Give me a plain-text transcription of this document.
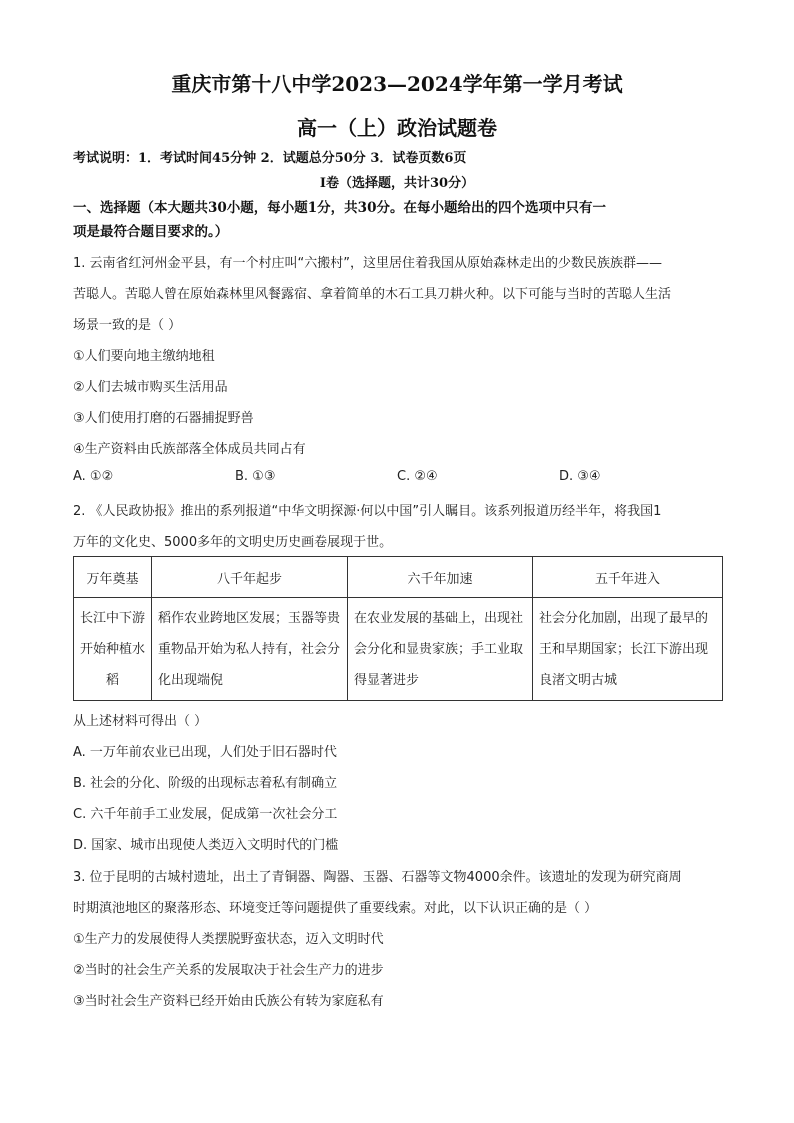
重庆市第十八中学2023—2024学年第一学月考试
高一（上）政治试题卷
考试说明：1．考试时间45分钟 2．试题总分50分 3．试卷页数6页
Ⅰ卷（选择题，共计30分）
一、选择题（本大题共30小题，每小题1分，共30分。在每小题给出的四个选项中只有一
项是最符合题目要求的。）
1. 云南省红河州金平县，有一个村庄叫“六搬村”，这里居住着我国从原始森林走出的少数民族族群——
苦聪人。苦聪人曾在原始森林里风餐露宿、拿着简单的木石工具刀耕火种。以下可能与当时的苦聪人生活
场景一致的是（ ）
①人们要向地主缴纳地租
②人们去城市购买生活用品
③人们使用打磨的石器捕捉野兽
④生产资料由氏族部落全体成员共同占有
A. ①②	B. ①③	C. ②④	D. ③④
2. 《人民政协报》推出的系列报道“中华文明探源·何以中国”引人瞩目。该系列报道历经半年，将我国1
万年的文化史、5000多年的文明史历史画卷展现于世。
万年奠基	八千年起步	六千年加速	五千年进入
长江中下游开始种植水稻	稻作农业跨地区发展；玉器等贵重物品开始为私人持有，社会分化出现端倪	在农业发展的基础上，出现社会分化和显贵家族；手工业取得显著进步	社会分化加剧，出现了最早的王和早期国家；长江下游出现良渚文明古城
从上述材料可得出（ ）
A. 一万年前农业已出现，人们处于旧石器时代
B. 社会的分化、阶级的出现标志着私有制确立
C. 六千年前手工业发展，促成第一次社会分工
D. 国家、城市出现使人类迈入文明时代的门槛
3. 位于昆明的古城村遗址，出土了青铜器、陶器、玉器、石器等文物4000余件。该遗址的发现为研究商周
时期滇池地区的聚落形态、环境变迁等问题提供了重要线索。对此，以下认识正确的是（ ）
①生产力的发展使得人类摆脱野蛮状态，迈入文明时代
②当时的社会生产关系的发展取决于社会生产力的进步
③当时社会生产资料已经开始由氏族公有转为家庭私有
